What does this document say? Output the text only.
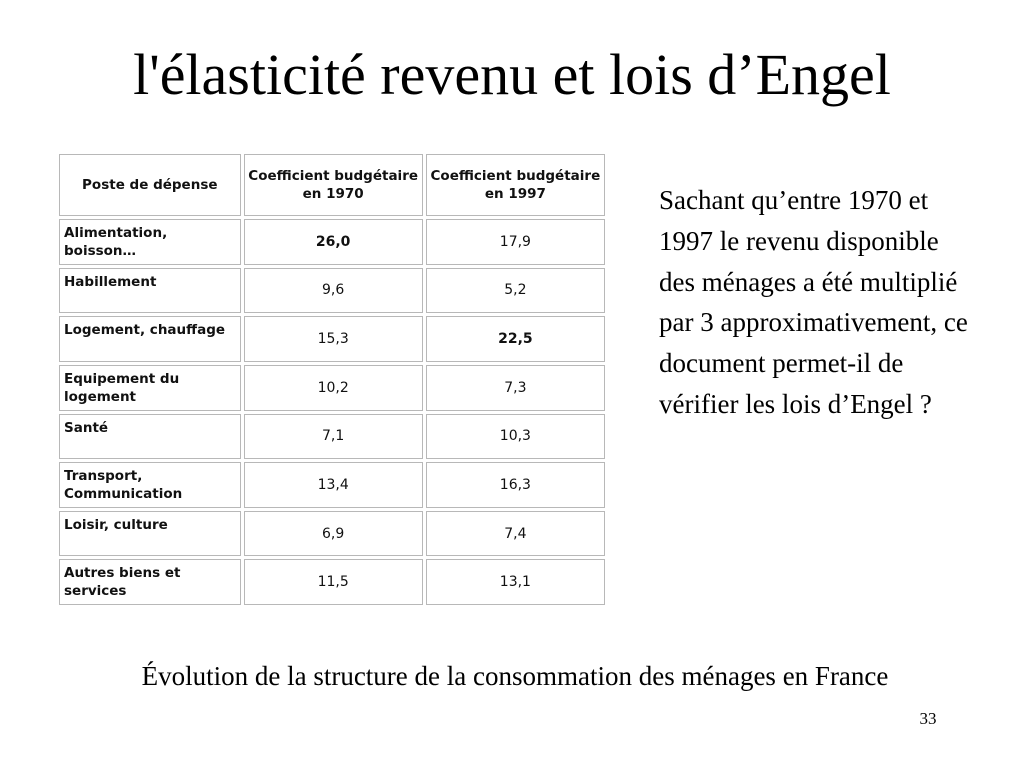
l'élasticité revenu et lois d’Engel
Poste de dépense	Coefficient budgétaire en 1970	Coefficient budgétaire en 1997
Alimentation, boisson…	26,0	17,9
Habillement	9,6	5,2
Logement, chauffage	15,3	22,5
Equipement du logement	10,2	7,3
Santé	7,1	10,3
Transport, Communication	13,4	16,3
Loisir, culture	6,9	7,4
Autres biens et services	11,5	13,1
Sachant qu’entre 1970 et 1997 le revenu disponible des ménages a été multiplié par 3 approximativement, ce document permet-il de vérifier les lois d’Engel ?
Évolution de la structure de la consommation des ménages en France
33
